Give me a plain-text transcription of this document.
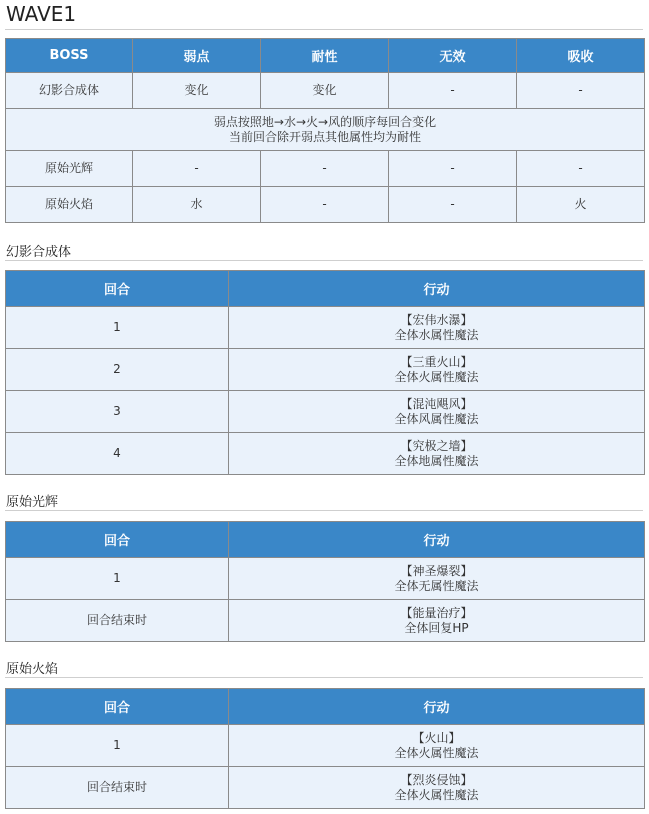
WAVE1
BOSS	弱点	耐性	无效	吸收
幻影合成体	变化	变化	-	-

弱点按照地→水→火→风的顺序每回合变化
当前回合除开弱点其他属性均为耐性				

原始光辉	-	-	-	-
原始火焰	水	-	-	火
幻影合成体
回合	行动
1	【宏伟水瀑】
全体水属性魔法

2	【三重火山】
全体火属性魔法

3	【混沌飓风】
全体风属性魔法

4	【究极之墙】
全体地属性魔法
原始光辉
回合	行动
1	【神圣爆裂】
全体无属性魔法

回合结束时	【能量治疗】
全体回复HP
原始火焰
回合	行动
1	【火山】
全体火属性魔法

回合结束时	【烈炎侵蚀】
全体火属性魔法
